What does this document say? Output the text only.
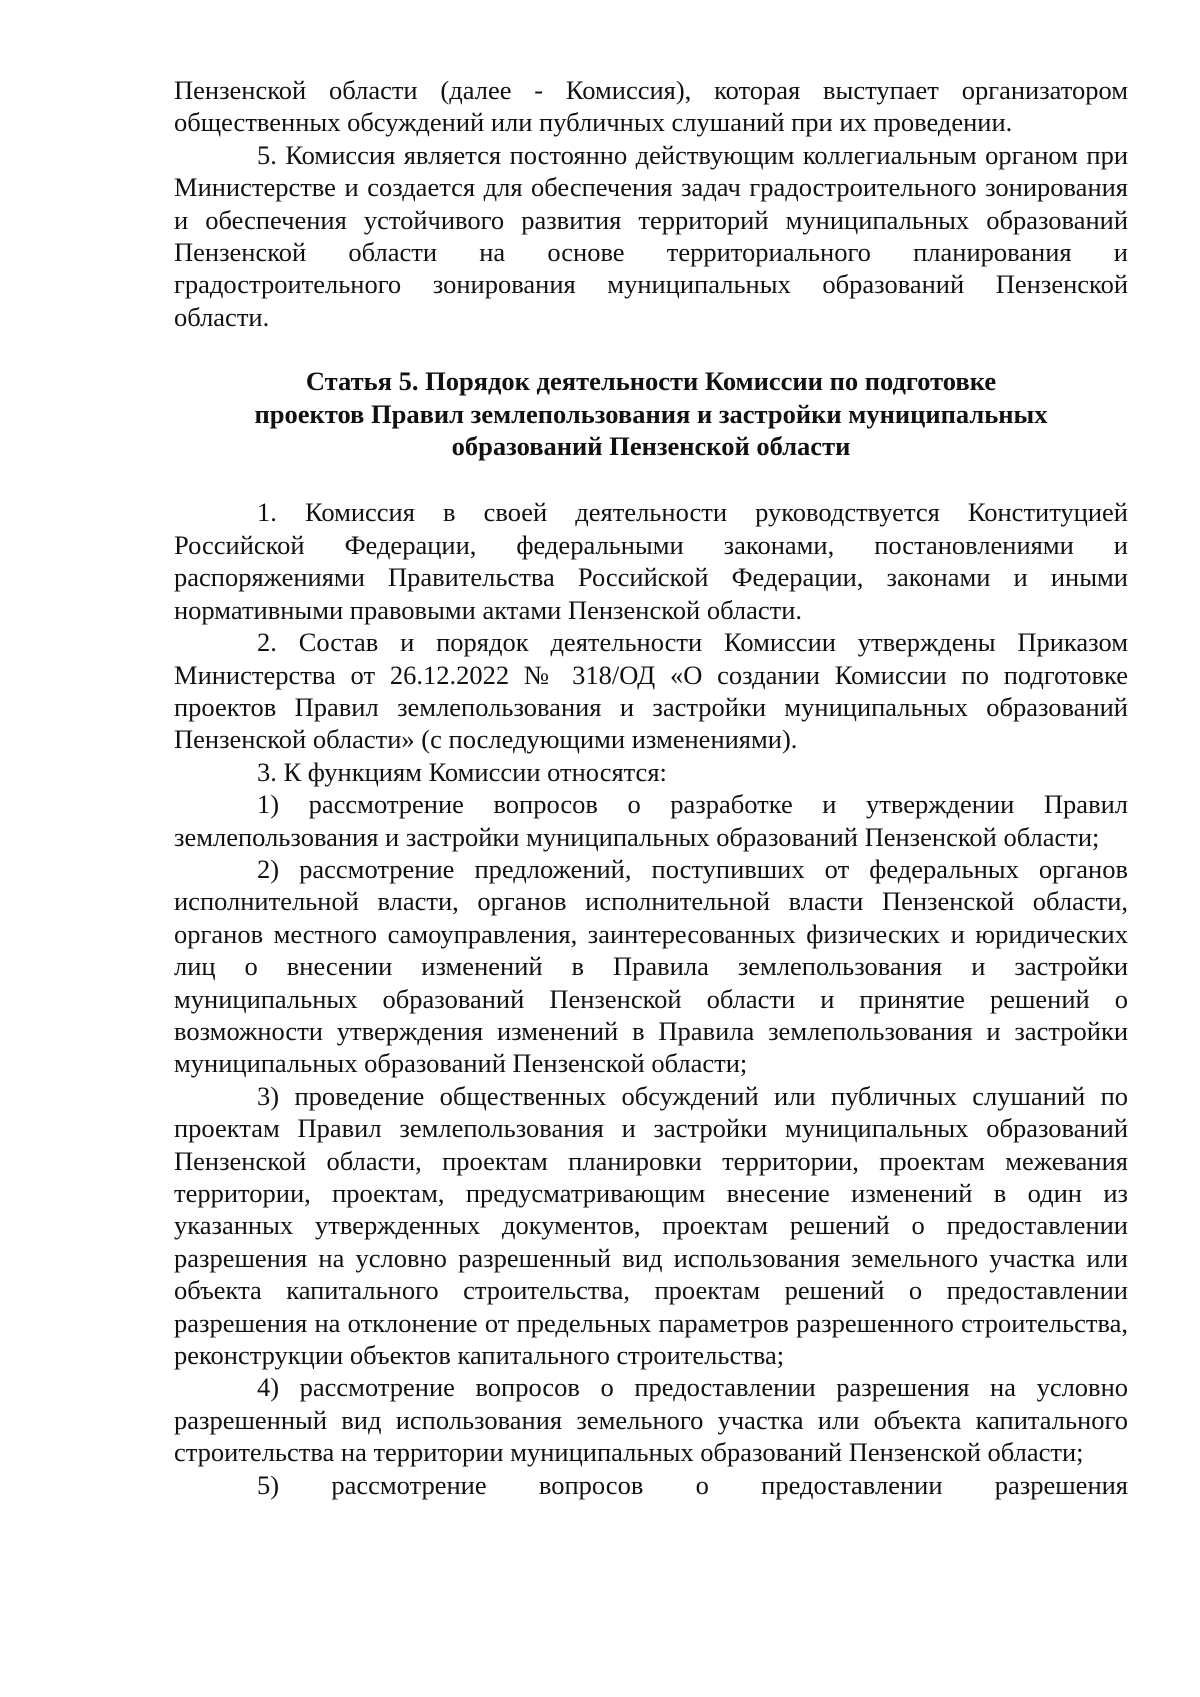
Пензенской области (далее - Комиссия), которая выступает организатором общественных обсуждений или публичных слушаний при их проведении.

5. Комиссия является постоянно действующим коллегиальным органом при Министерстве и создается для обеспечения задач градостроительного зонирования и обеспечения устойчивого развития территорий муниципальных образований Пензенской области на основе территориального планирования и градостроительного зонирования муниципальных образований Пензенской области.

Статья 5. Порядок деятельности Комиссии по подготовке
проектов Правил землепользования и застройки муниципальных
образований Пензенской области

1. Комиссия в своей деятельности руководствуется Конституцией Российской Федерации, федеральными законами, постановлениями и распоряжениями Правительства Российской Федерации, законами и иными нормативными правовыми актами Пензенской области.

2. Состав и порядок деятельности Комиссии утверждены Приказом Министерства от 26.12.2022 № 318/ОД «О создании Комиссии по подготовке проектов Правил землепользования и застройки муниципальных образований Пензенской области» (с последующими изменениями).

3. К функциям Комиссии относятся:

1) рассмотрение вопросов о разработке и утверждении Правил землепользования и застройки муниципальных образований Пензенской области;

2) рассмотрение предложений, поступивших от федеральных органов исполнительной власти, органов исполнительной власти Пензенской области, органов местного самоуправления, заинтересованных физических и юридических лиц о внесении изменений в Правила землепользования и застройки муниципальных образований Пензенской области и принятие решений о возможности утверждения изменений в Правила землепользования и застройки муниципальных образований Пензенской области;

3) проведение общественных обсуждений или публичных слушаний по проектам Правил землепользования и застройки муниципальных образований Пензенской области, проектам планировки территории, проектам межевания территории, проектам, предусматривающим внесение изменений в один из указанных утвержденных документов, проектам решений о предоставлении разрешения на условно разрешенный вид использования земельного участка или объекта капитального строительства, проектам решений о предоставлении разрешения на отклонение от предельных параметров разрешенного строительства, реконструкции объектов капитального строительства;

4) рассмотрение вопросов о предоставлении разрешения на условно разрешенный вид использования земельного участка или объекта капитального строительства на территории муниципальных образований Пензенской области;

5) рассмотрение вопросов о предоставлении разрешения
